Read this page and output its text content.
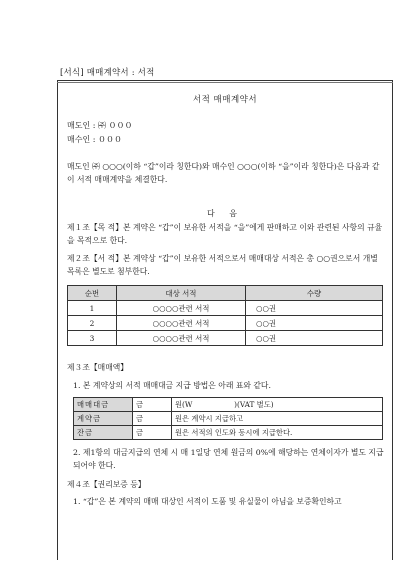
[서식] 매매계약서 : 서적
서적 매매계약서
매도인 : ㈜ ０００
매수인 : ０００
매도인 ㈜ ○○○(이하 “갑”이라 칭한다)와 매수인 ○○○(이하 “을”이라 칭한다)은 다음과 같이 서적 매매계약을 체결한다.
다 음
제１조【목 적】본 계약은 “갑”이 보유한 서적을 “을”에게 판매하고 이와 관련된 사항의 규율을 목적으로 한다.
제２조【서 적】본 계약상 “갑”이 보유한 서적으로서 매매대상 서적은 총 ○○권으로서 개별목록은 별도로 첨부한다.
순번	대상 서적	수량
1	○○○○관련 서적	○○권
2	○○○○관련 서적	○○권
3	○○○○관련 서적	○○권
제３조【매매액】
1. 본 계약상의 서적 매매대금 지급 방법은 아래 표와 같다.
매매대금	금	원(W                  )(VAT 별도)
계약금	금	원은 계약시 지급하고
잔금	금	원은 서적의 인도와 동시에 지급한다.
2. 제1항의 대금지급의 연체 시 매 1일당 연체 원금의 0%에 해당하는 연체이자가 별도 지급되어야 한다.
제４조【권리보증 등】
1. “갑”은 본 계약의 매매 대상인 서적이 도품 및 유실물이 아님을 보증확인하고
